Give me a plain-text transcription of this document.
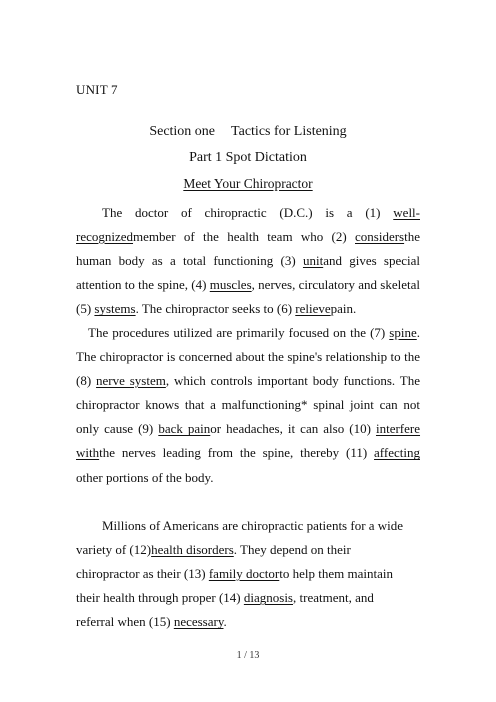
UNIT 7
Section one Tactics for Listening
Part 1 Spot Dictation
Meet Your Chiropractor

The doctor of chiropractic (D.C.) is a (1) well-recognizedmember of the health team who (2) considersthe human body as a total functioning (3) unitand gives special attention to the spine, (4) muscles, nerves, circulatory and skeletal (5) systems. The chiropractor seeks to (6) relievepain.

The procedures utilized are primarily focused on the (7) spine. The chiropractor is concerned about the spine's relationship to the (8) nerve system, which controls important body functions. The chiropractor knows that a malfunctioning* spinal joint can not only cause (9) back painor headaches, it can also (10) interfere withthe nerves leading from the spine, thereby (11) affecting other portions of the body.

Millions of Americans are chiropractic patients for a wide variety of (12)health disorders. They depend on their chiropractor as their (13) family doctorto help them maintain their health through proper (14) diagnosis, treatment, and referral when (15) necessary.

1 / 13
